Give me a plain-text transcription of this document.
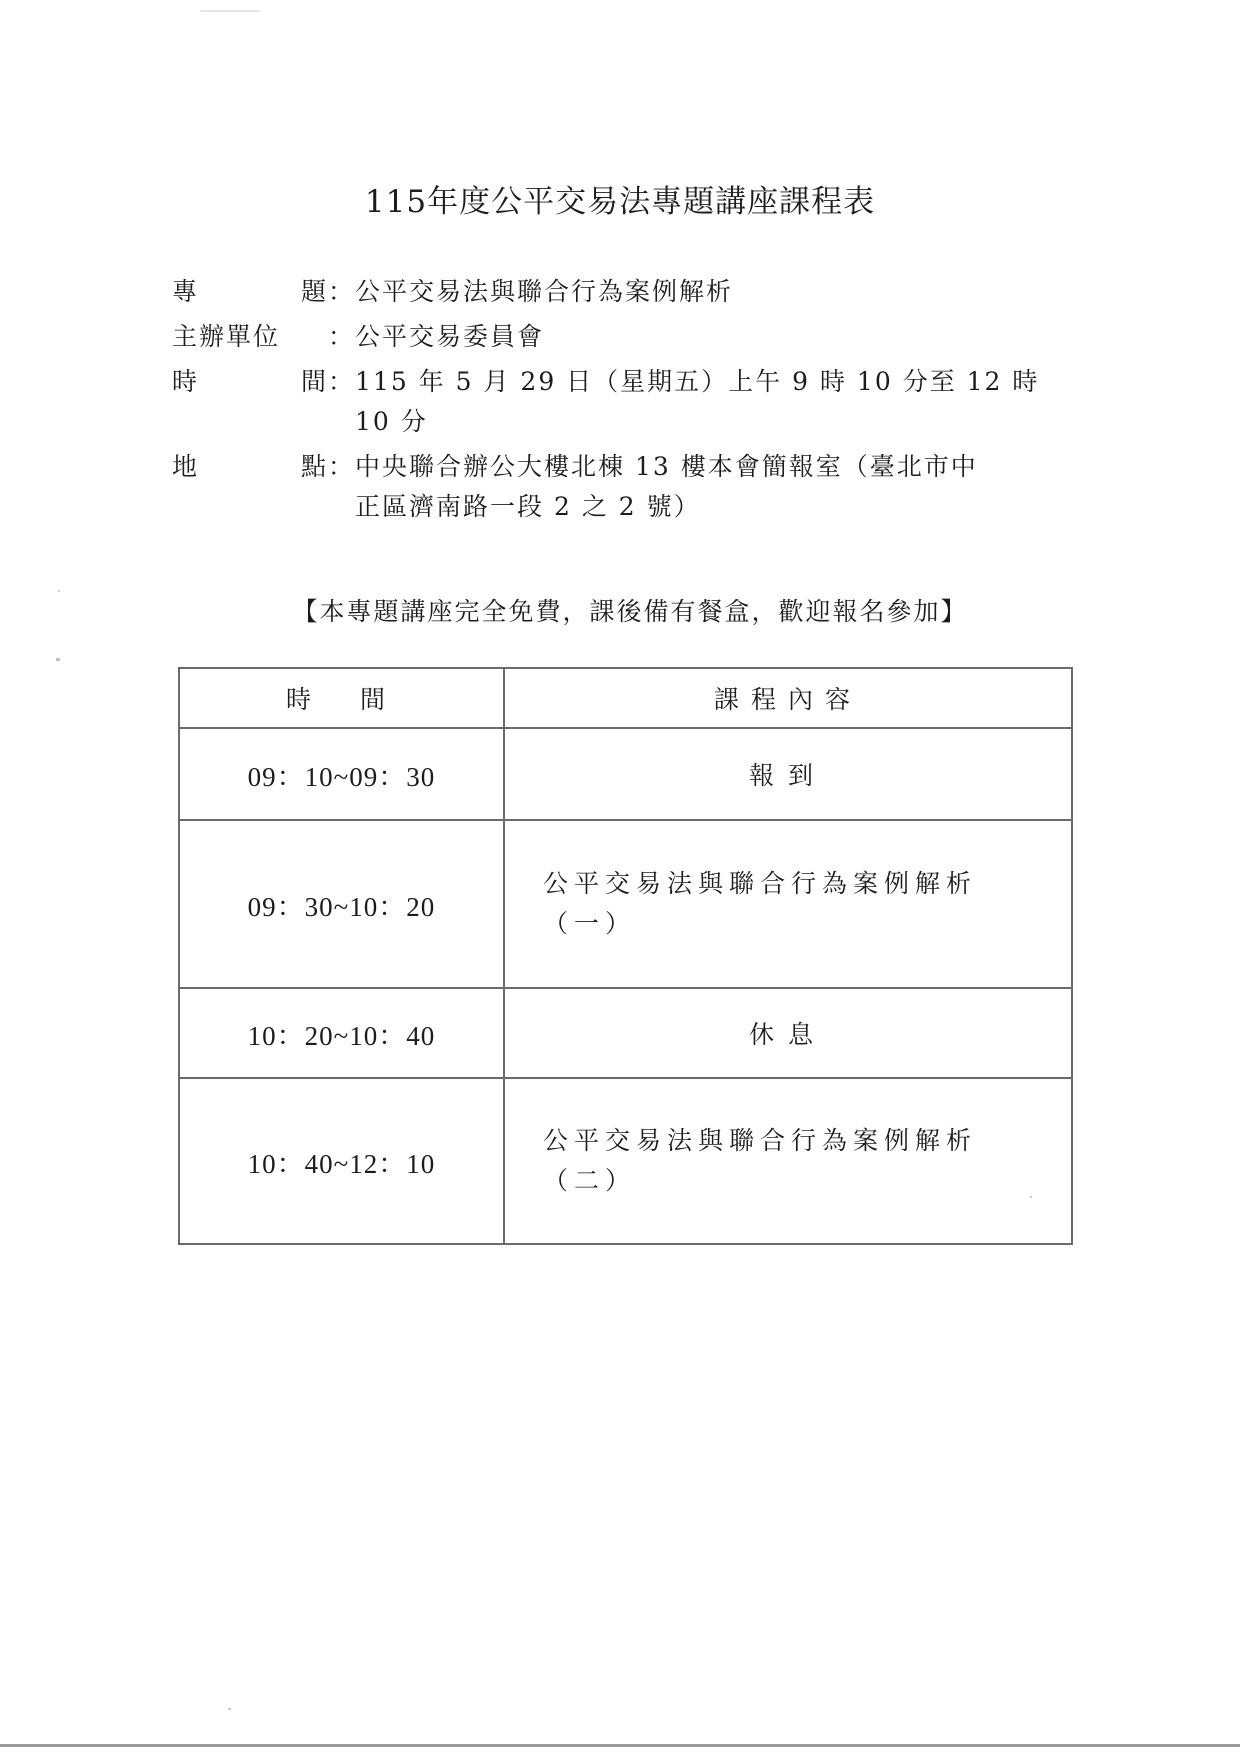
115年度公平交易法專題講座課程表
專	題 ： 公平交易法與聯合行為案例解析
主辦單位 ： 公平交易委員會
時	間 ： 115 年 5 月 29 日（星期五）上午 9 時 10 分至 12 時
10 分
地	點 ： 中央聯合辦公大樓北棟 13 樓本會簡報室（臺北市中
正區濟南路一段 2 之 2 號）
【本專題講座完全免費，課後備有餐盒，歡迎報名參加】
時　間	課程內容
09：10~09：30	報到
09：30~10：20	公平交易法與聯合行為案例解析
（一）

10：20~10：40	休息
10：40~12：10	公平交易法與聯合行為案例解析
（二）
